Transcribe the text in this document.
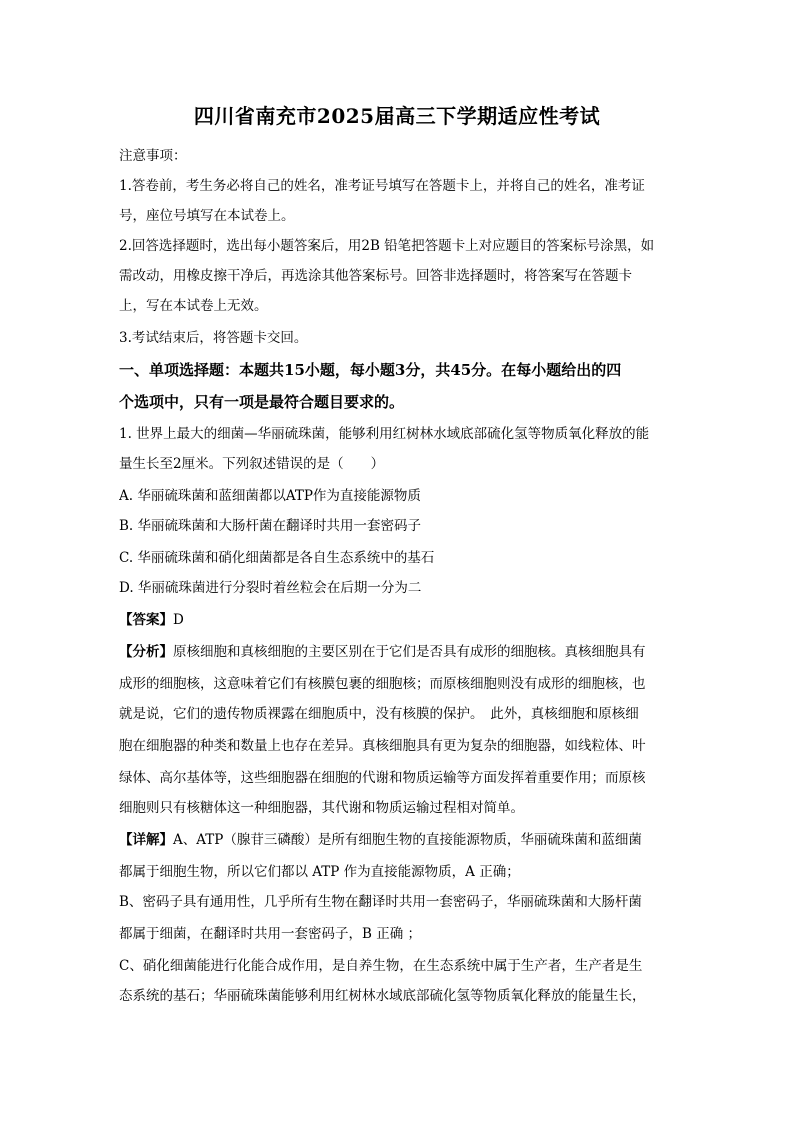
四川省南充市2025届高三下学期适应性考试
注意事项：
1.答卷前，考生务必将自己的姓名，准考证号填写在答题卡上，并将自己的姓名，准考证
号，座位号填写在本试卷上。
2.回答选择题时，选出每小题答案后，用2B 铅笔把答题卡上对应题目的答案标号涂黑，如
需改动，用橡皮擦干净后，再选涂其他答案标号。回答非选择题时，将答案写在答题卡
上，写在本试卷上无效。
3.考试结束后，将答题卡交回。
一、单项选择题：本题共15小题，每小题3分，共45分。在每小题给出的四
个选项中，只有一项是最符合题目要求的。
1. 世界上最大的细菌—华丽硫珠菌，能够利用红树林水域底部硫化氢等物质氧化释放的能
量生长至2厘米。下列叙述错误的是（　　）
A. 华丽硫珠菌和蓝细菌都以ATP作为直接能源物质
B. 华丽硫珠菌和大肠杆菌在翻译时共用一套密码子
C. 华丽硫珠菌和硝化细菌都是各自生态系统中的基石
D. 华丽硫珠菌进行分裂时着丝粒会在后期一分为二
【答案】D
【分析】原核细胞和真核细胞的主要区别在于它们是否具有成形的细胞核。真核细胞具有
成形的细胞核，这意味着它们有核膜包裹的细胞核；而原核细胞则没有成形的细胞核，也
就是说，它们的遗传物质裸露在细胞质中，没有核膜的保护。　此外，真核细胞和原核细
胞在细胞器的种类和数量上也存在差异。真核细胞具有更为复杂的细胞器，如线粒体、叶
绿体、高尔基体等，这些细胞器在细胞的代谢和物质运输等方面发挥着重要作用；而原核
细胞则只有核糖体这一种细胞器，其代谢和物质运输过程相对简单。
【详解】A、ATP（腺苷三磷酸）是所有细胞生物的直接能源物质，华丽硫珠菌和蓝细菌
都属于细胞生物，所以它们都以 ATP 作为直接能源物质，A 正确；
B、密码子具有通用性，几乎所有生物在翻译时共用一套密码子，华丽硫珠菌和大肠杆菌
都属于细菌，在翻译时共用一套密码子，B 正确 ；
C、硝化细菌能进行化能合成作用，是自养生物，在生态系统中属于生产者，生产者是生
态系统的基石；华丽硫珠菌能够利用红树林水域底部硫化氢等物质氧化释放的能量生长，
